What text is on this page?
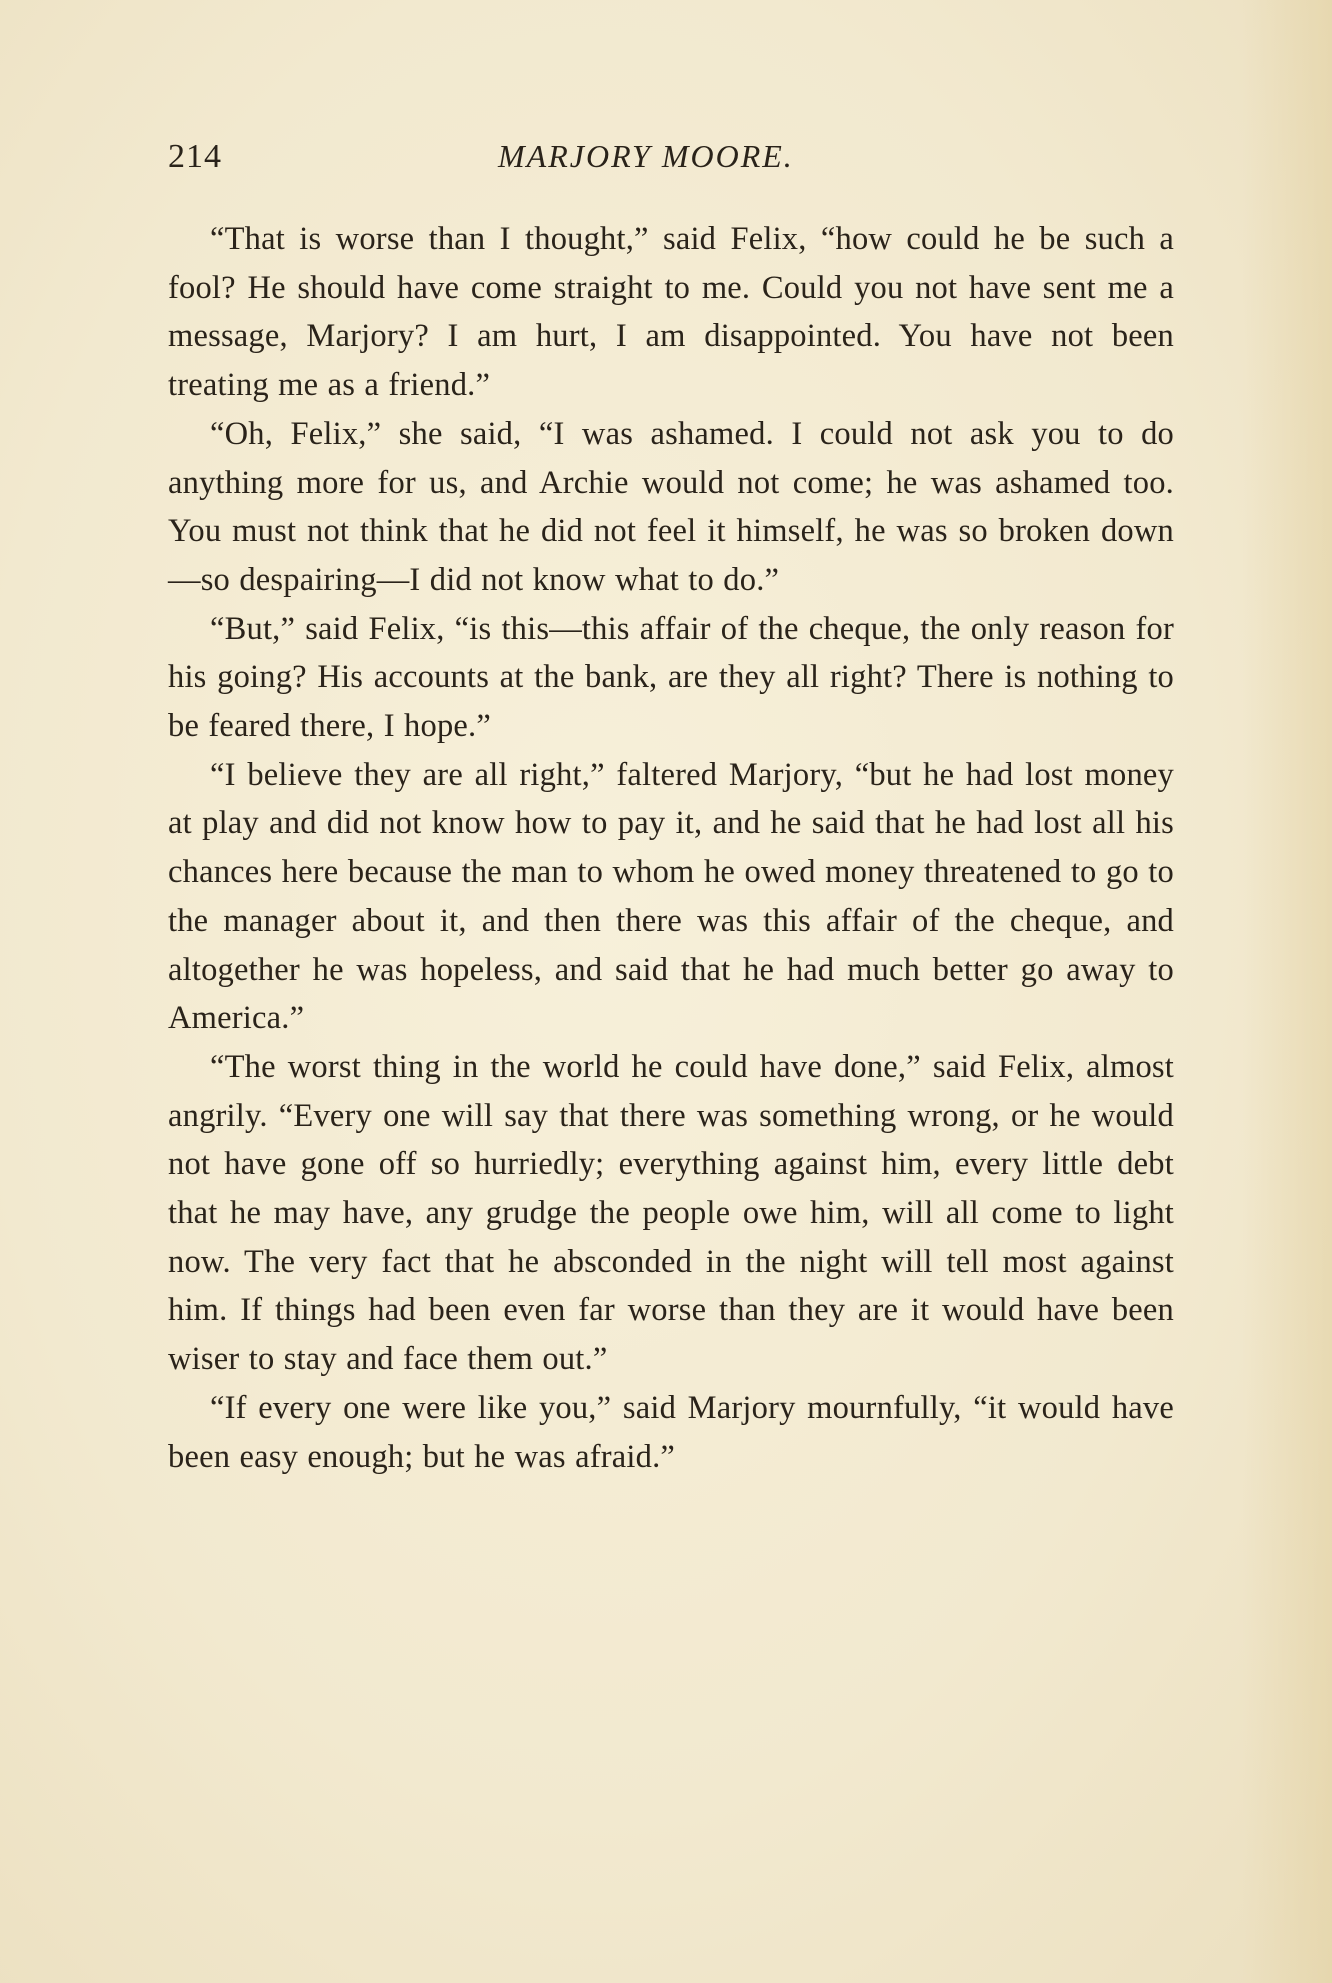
214	MARJORY MOORE.

“That is worse than I thought,” said Felix, “how could he be such a fool? He should have come straight to me. Could you not have sent me a message, Marjory? I am hurt, I am disappointed. You have not been treating me as a friend.”

“Oh, Felix,” she said, “I was ashamed. I could not ask you to do anything more for us, and Archie would not come; he was ashamed too. You must not think that he did not feel it himself, he was so broken down—so despairing—I did not know what to do.”

“But,” said Felix, “is this—this affair of the cheque, the only reason for his going? His accounts at the bank, are they all right? There is nothing to be feared there, I hope.”

“I believe they are all right,” faltered Marjory, “but he had lost money at play and did not know how to pay it, and he said that he had lost all his chances here because the man to whom he owed money threatened to go to the manager about it, and then there was this affair of the cheque, and altogether he was hopeless, and said that he had much better go away to America.”

“The worst thing in the world he could have done,” said Felix, almost angrily. “Every one will say that there was something wrong, or he would not have gone off so hurriedly; everything against him, every little debt that he may have, any grudge the people owe him, will all come to light now. The very fact that he absconded in the night will tell most against him. If things had been even far worse than they are it would have been wiser to stay and face them out.”

“If every one were like you,” said Marjory mournfully, “it would have been easy enough; but he was afraid.”
